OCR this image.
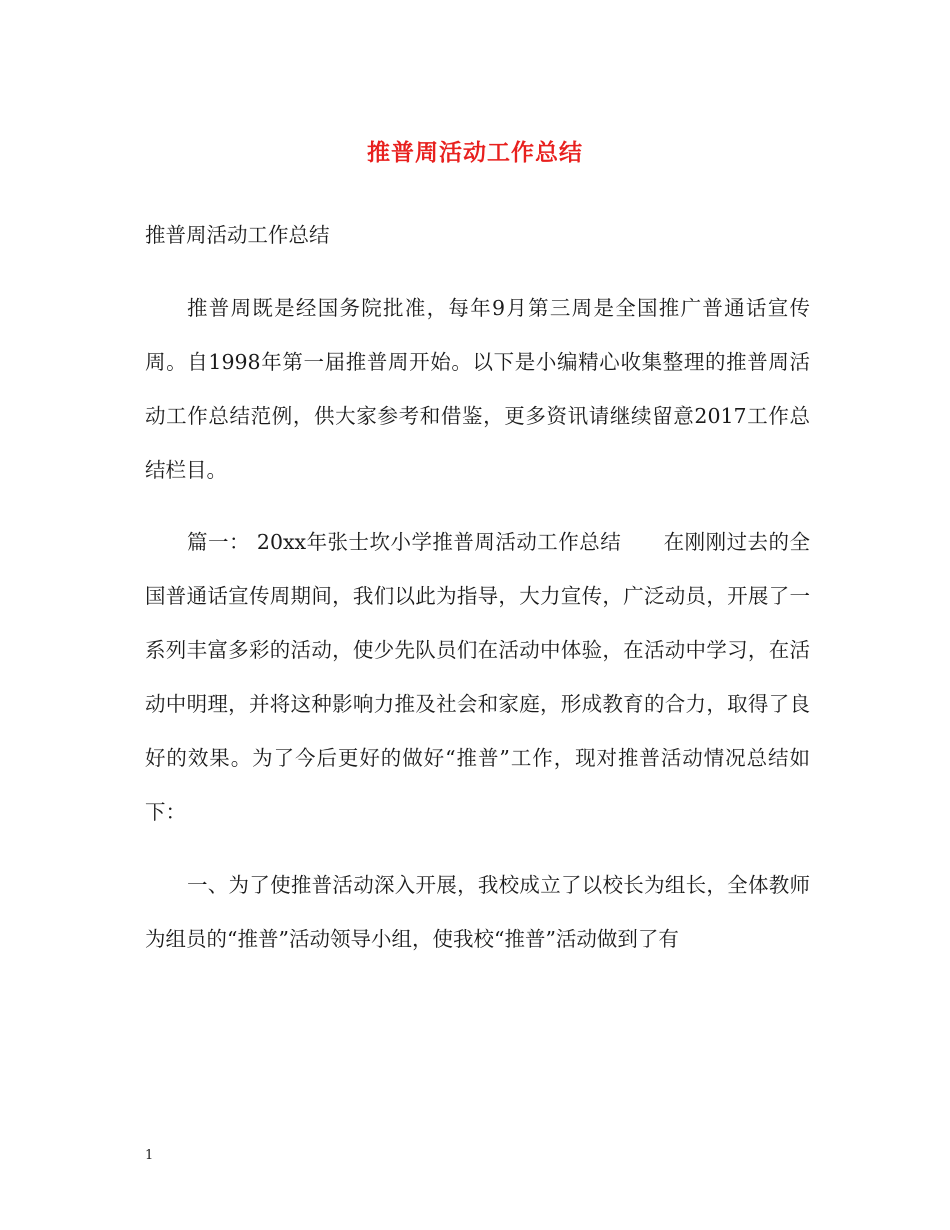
推普周活动工作总结

推普周活动工作总结

推普周既是经国务院批准，每年9月第三周是全国推广普通话宣传周。自1998年第一届推普周开始。以下是小编精心收集整理的推普周活动工作总结范例，供大家参考和借鉴，更多资讯请继续留意2017工作总结栏目。

篇一： 20xx年张士坎小学推普周活动工作总结 在刚刚过去的全国普通话宣传周期间，我们以此为指导，大力宣传，广泛动员，开展了一系列丰富多彩的活动，使少先队员们在活动中体验，在活动中学习，在活动中明理，并将这种影响力推及社会和家庭，形成教育的合力，取得了良好的效果。为了今后更好的做好“推普”工作，现对推普活动情况总结如下：

一、为了使推普活动深入开展，我校成立了以校长为组长，全体教师为组员的“推普”活动领导小组，使我校“推普”活动做到了有

1
